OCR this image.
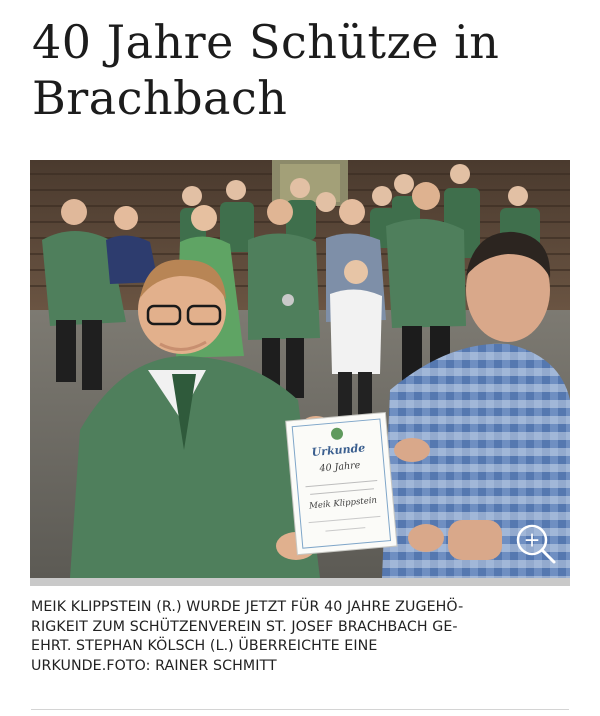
40 Jahre Schütze in
Brachbach
Urkunde
40 Jahre
Meik Klippstein
+

MEIK KLIPPSTEIN (R.) WURDE JETZT FÜR 40 JAHRE ZUGEHÖ-
RIGKEIT ZUM SCHÜTZENVEREIN ST. JOSEF BRACHBACH GE-
EHRT. STEPHAN KÖLSCH (L.) ÜBERREICHTE EINE
URKUNDE.FOTO: RAINER SCHMITT
